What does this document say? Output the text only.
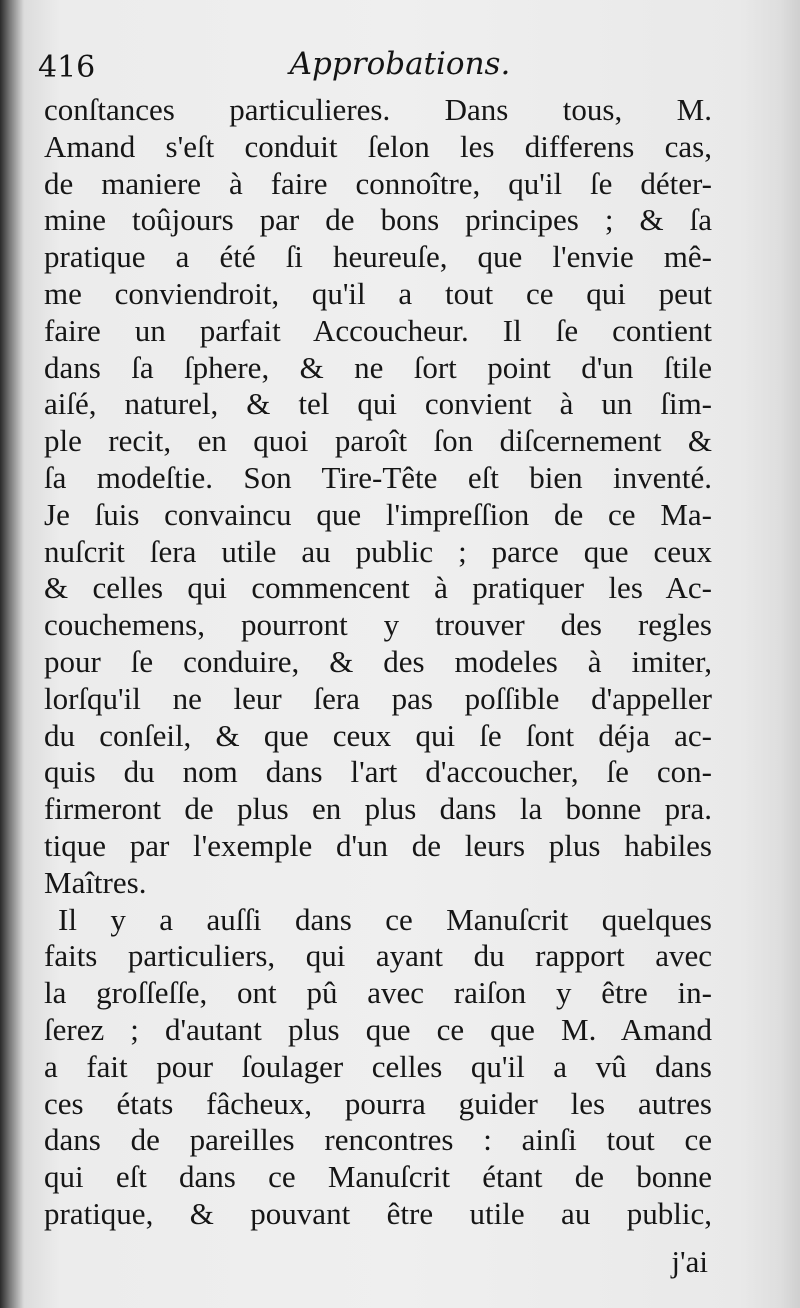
416	Approbations.
conſtances particulieres. Dans tous, M.
Amand s'eſt conduit ſelon les differens cas,
de maniere à faire connoître, qu'il ſe déter-
mine toûjours par de bons principes ; & ſa
pratique a été ſi heureuſe, que l'envie mê-
me conviendroit, qu'il a tout ce qui peut
faire un parfait Accoucheur. Il ſe contient
dans ſa ſphere, & ne ſort point d'un ſtile
aiſé, naturel, & tel qui convient à un ſim-
ple recit, en quoi paroît ſon diſcernement &
ſa modeſtie. Son Tire-Tête eſt bien inventé.
Je ſuis convaincu que l'impreſſion de ce Ma-
nuſcrit ſera utile au public ; parce que ceux
& celles qui commencent à pratiquer les Ac-
couchemens, pourront y trouver des regles
pour ſe conduire, & des modeles à imiter,
lorſqu'il ne leur ſera pas poſſible d'appeller
du conſeil, & que ceux qui ſe ſont déja ac-
quis du nom dans l'art d'accoucher, ſe con-
firmeront de plus en plus dans la bonne pra.
tique par l'exemple d'un de leurs plus habiles
Maîtres.
Il y a auſſi dans ce Manuſcrit quelques
faits particuliers, qui ayant du rapport avec
la groſſeſſe, ont pû avec raiſon y être in-
ſerez ; d'autant plus que ce que M. Amand
a fait pour ſoulager celles qu'il a vû dans
ces états fâcheux, pourra guider les autres
dans de pareilles rencontres : ainſi tout ce
qui eſt dans ce Manuſcrit étant de bonne
pratique, & pouvant être utile au public,
j'ai
